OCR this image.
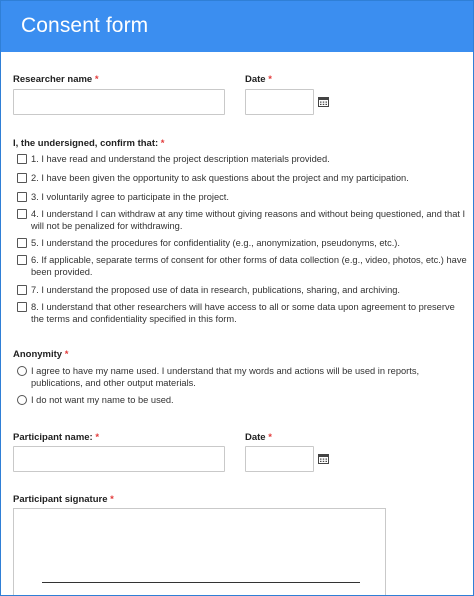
Consent form
Researcher name *	Date *
I, the undersigned, confirm that: *
1. I have read and understand the project description materials provided.
2. I have been given the opportunity to ask questions about the project and my participation.
3. I voluntarily agree to participate in the project.
4. I understand I can withdraw at any time without giving reasons and without being questioned, and that I will not be penalized for withdrawing.
5. I understand the procedures for confidentiality (e.g., anonymization, pseudonyms, etc.).
6. If applicable, separate terms of consent for other forms of data collection (e.g., video, photos, etc.) have been provided.
7. I understand the proposed use of data in research, publications, sharing, and archiving.
8. I understand that other researchers will have access to all or some data upon agreement to preserve the terms and confidentiality specified in this form.
Anonymity *
I agree to have my name used. I understand that my words and actions will be used in reports, publications, and other output materials.
I do not want my name to be used.
Participant name: *	Date *
Participant signature *
